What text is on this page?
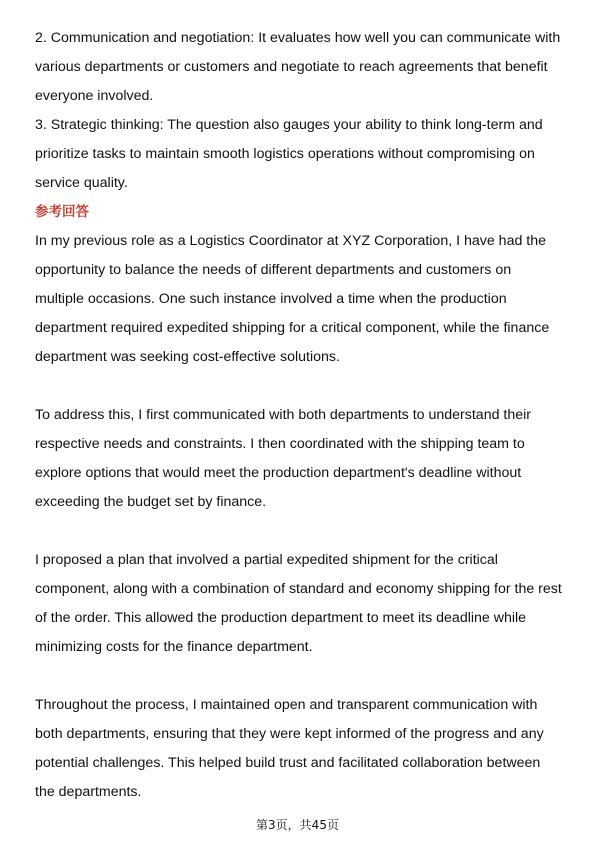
2. Communication and negotiation: It evaluates how well you can communicate with various departments or customers and negotiate to reach agreements that benefit everyone involved.

3. Strategic thinking: The question also gauges your ability to think long-term and prioritize tasks to maintain smooth logistics operations without compromising on service quality.

参考回答

In my previous role as a Logistics Coordinator at XYZ Corporation, I have had the opportunity to balance the needs of different departments and customers on multiple occasions. One such instance involved a time when the production department required expedited shipping for a critical component, while the finance department was seeking cost-effective solutions.

To address this, I first communicated with both departments to understand their respective needs and constraints. I then coordinated with the shipping team to explore options that would meet the production department's deadline without exceeding the budget set by finance.

I proposed a plan that involved a partial expedited shipment for the critical component, along with a combination of standard and economy shipping for the rest of the order. This allowed the production department to meet its deadline while minimizing costs for the finance department.

Throughout the process, I maintained open and transparent communication with both departments, ensuring that they were kept informed of the progress and any potential challenges. This helped build trust and facilitated collaboration between the departments.

第3页，共45页
